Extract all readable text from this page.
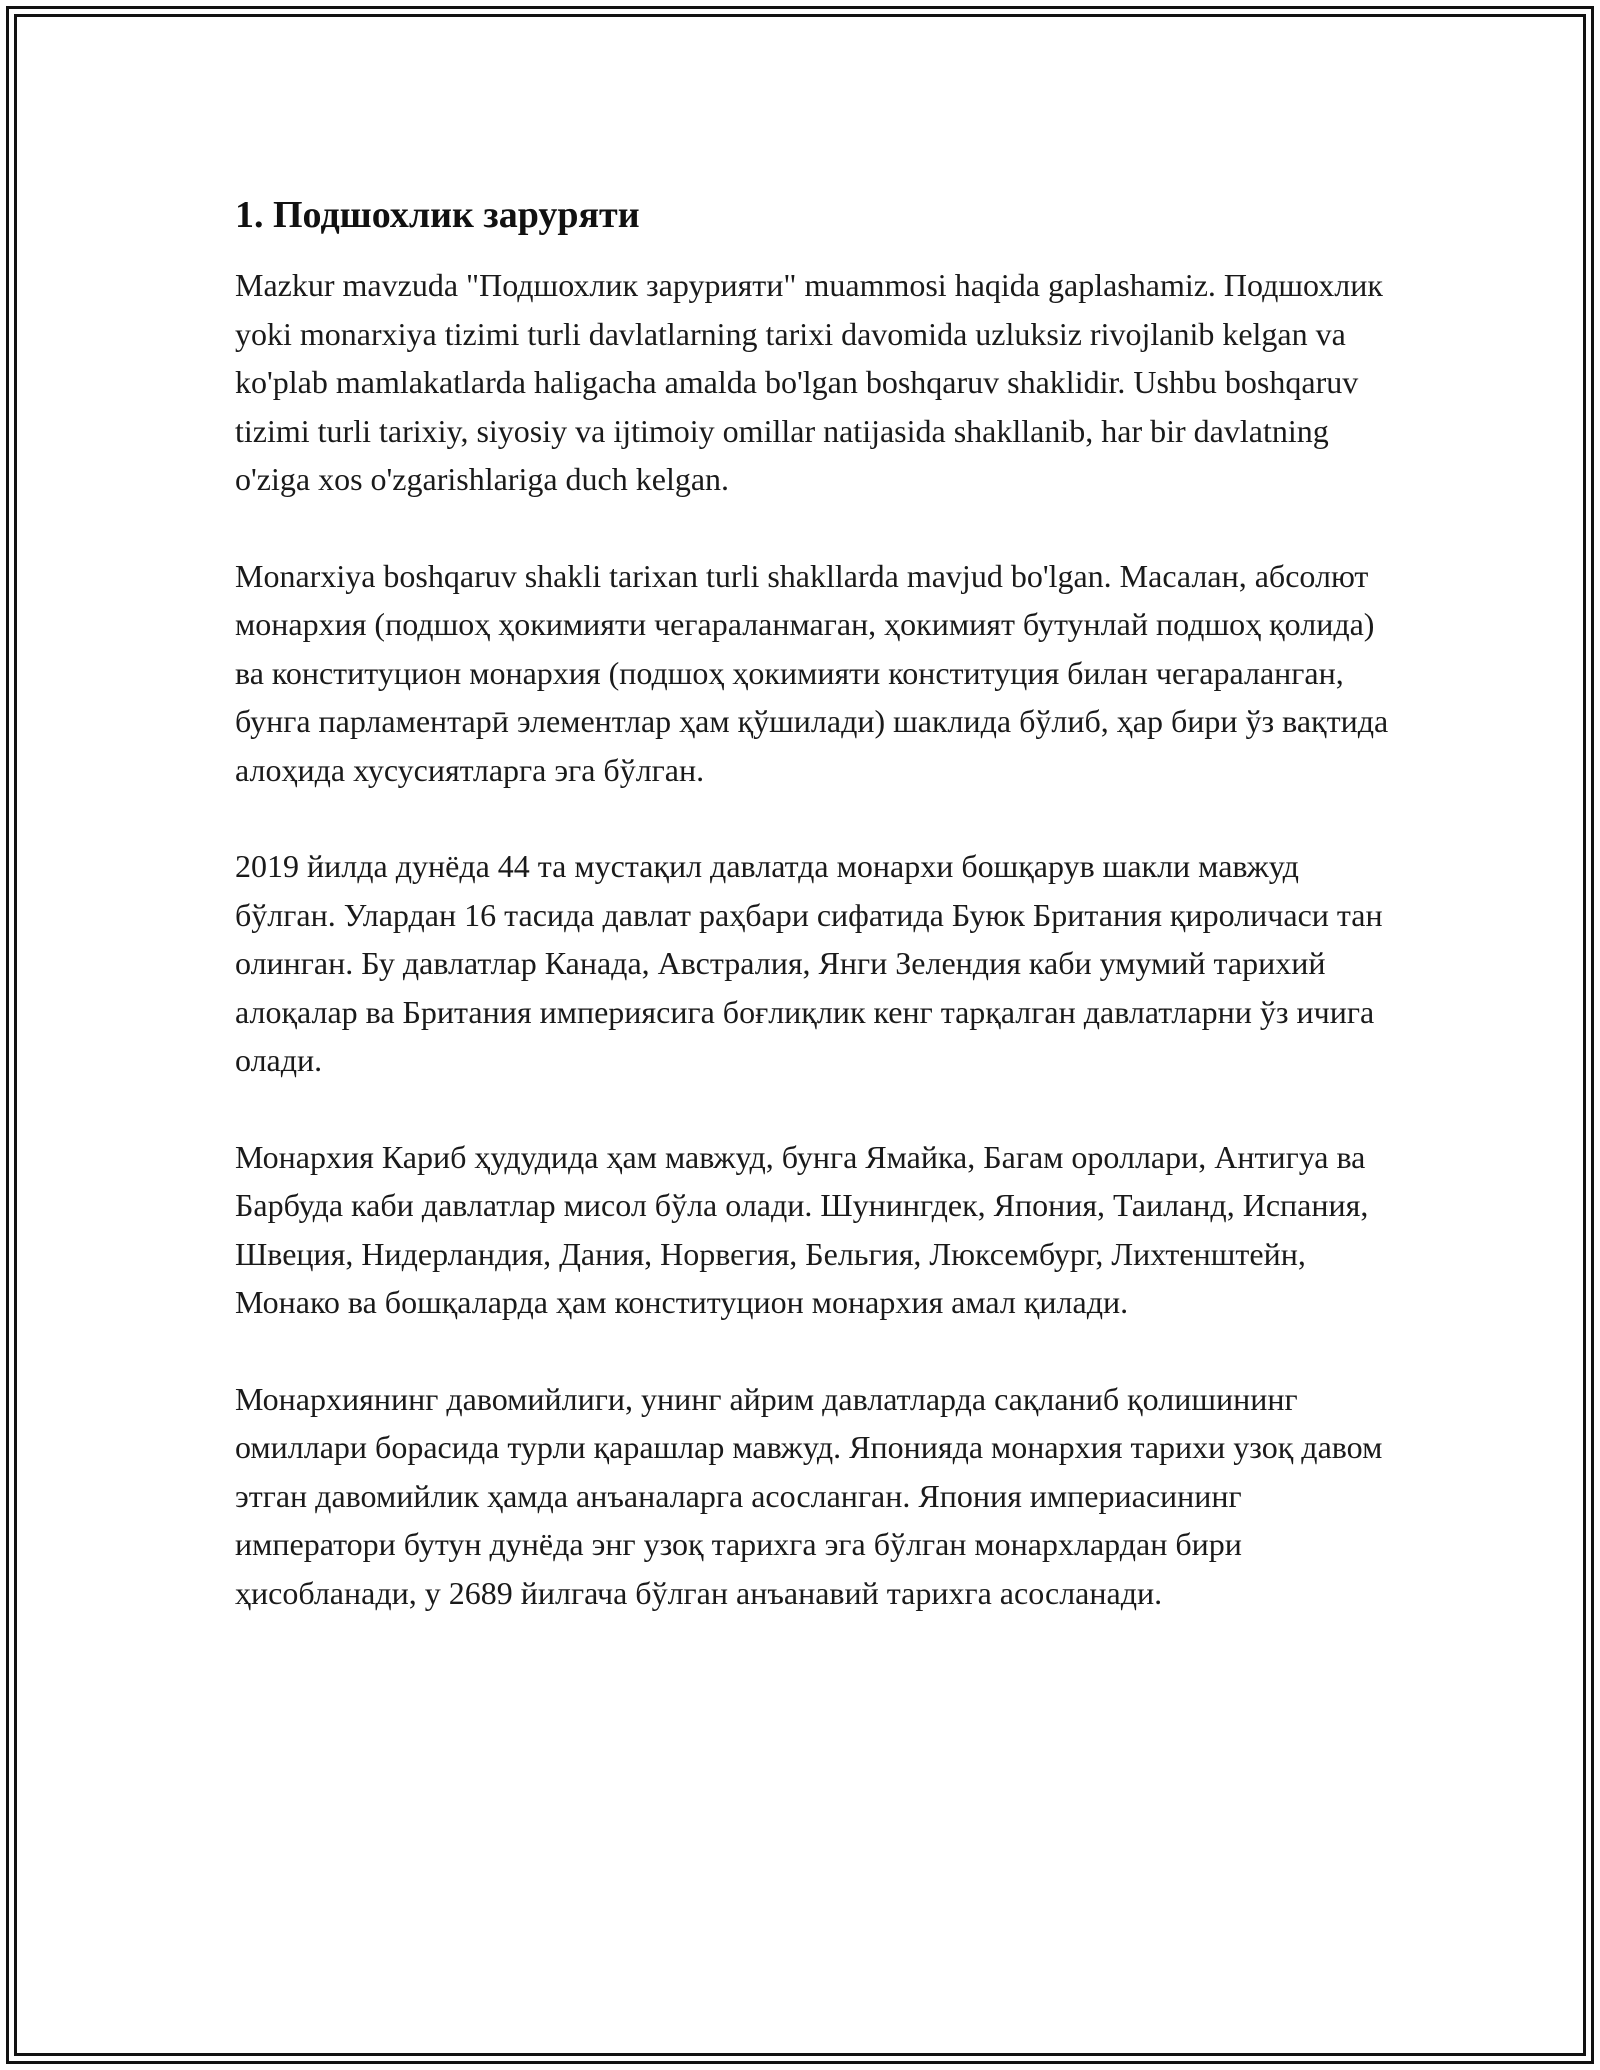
1. Подшохлик заруряти

Mazkur mavzuda "Подшохлик зарурияти" muammosi haqida gaplashamiz. Подшохлик yoki monarxiya tizimi turli davlatlarning tarixi davomida uzluksiz rivojlanib kelgan va ko'plab mamlakatlarda haligacha amalda bo'lgan boshqaruv shaklidir. Ushbu boshqaruv tizimi turli tarixiy, siyosiy va ijtimoiy omillar natijasida shakllanib, har bir davlatning o'ziga xos o'zgarishlariga duch kelgan.

Monarxiya boshqaruv shakli tarixan turli shakllarda mavjud bo'lgan. Масалан, абсолют монархия (подшоҳ ҳокимияти чегараланмаган, ҳокимият бутунлай подшоҳ қолида) ва конституцион монархия (подшоҳ ҳокимияти конституция билан чегараланган, бунга парламентарӣ элементлар ҳам қўшилади) шаклида бўлиб, ҳар бири ўз вақтида алоҳида хусусиятларга эга бўлган.

2019 йилда дунёда 44 та мустақил давлатда монархи бошқарув шакли мавжуд бўлган. Улардан 16 тасида давлат раҳбари сифатида Буюк Британия қироличаси тан олинган. Бу давлатлар Канада, Австралия, Янги Зелендия каби умумий тарихий алоқалар ва Британия империясига боғлиқлик кенг тарқалган давлатларни ўз ичига олади.

Монархия Кариб ҳудудида ҳам мавжуд, бунга Ямайка, Багам ороллари, Антигуа ва Барбуда каби давлатлар мисол бўла олади. Шунингдек, Япония, Таиланд, Испания, Швеция, Нидерландия, Дания, Норвегия, Бельгия, Люксембург, Лихтенштейн, Монако ва бошқаларда ҳам конституцион монархия амал қилади.

Монархиянинг давомийлиги, унинг айрим давлатларда сақланиб қолишининг омиллари борасида турли қарашлар мавжуд. Японияда монархия тарихи узоқ давом этган давомийлик ҳамда анъаналарга асосланган. Япония империасининг императори бутун дунёда энг узоқ тарихга эга бўлган монархлардан бири ҳисобланади, у 2689 йилгача бўлган анъанавий тарихга асосланади.
